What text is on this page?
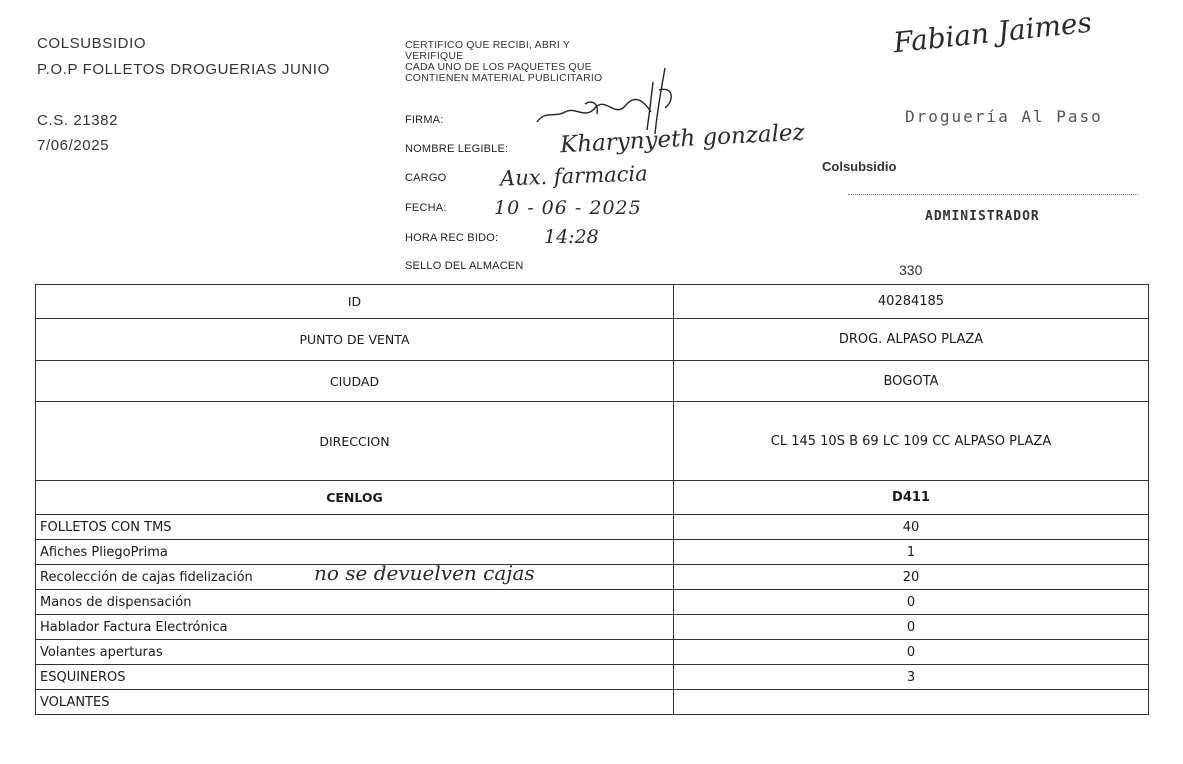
COLSUBSIDIO
P.O.P FOLLETOS DROGUERIAS JUNIO
C.S. 21382
7/06/2025
CERTIFICO QUE RECIBI, ABRI Y
VERIFIQUE
CADA UNO DE LOS PAQUETES QUE
CONTIENEN MATERIAL PUBLICITARIO
FIRMA:
NOMBRE LEGIBLE:
CARGO
FECHA:
HORA REC BIDO:
SELLO DEL ALMACEN
Kharynyeth gonzalez
Aux. farmacia
10 - 06 - 2025
14:28
Fabian Jaimes
Droguería Al Paso
Colsubsidio
ADMINISTRADOR
330
ID	40284185
PUNTO DE VENTA	DROG. ALPASO PLAZA
CIUDAD	BOGOTA
DIRECCION	CL 145 10S B 69 LC 109 CC ALPASO PLAZA
CENLOG	D411
FOLLETOS CON TMS	40
Afiches PliegoPrima	1
Recolección de cajas fidelización no se devuelven cajas	20
Manos de dispensación	0
Hablador Factura Electrónica	0
Volantes aperturas	0
ESQUINEROS	3
VOLANTES	
